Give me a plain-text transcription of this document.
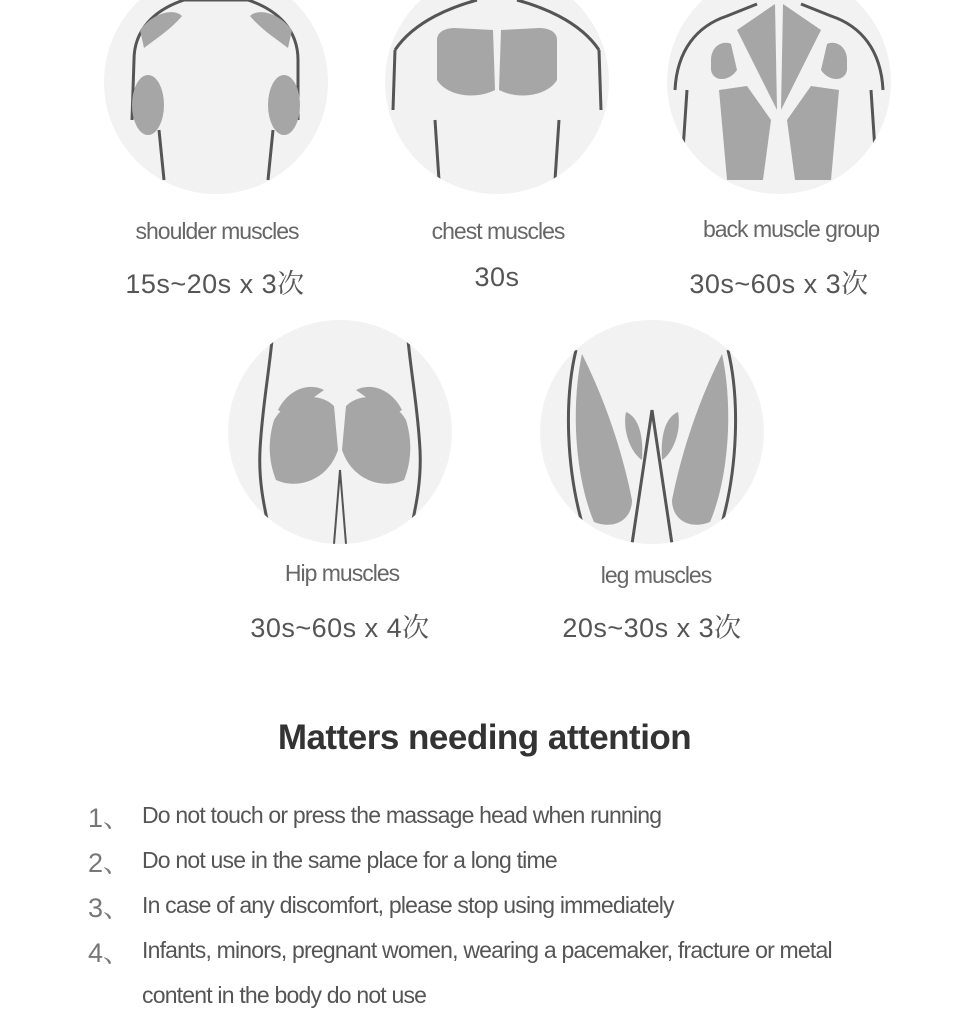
shoulder muscles
15s~20s x 3次
chest muscles
30s
back muscle group
30s~60s x 3次
Hip muscles
30s~60s x 4次
leg muscles
20s~30s x 3次
Matters needing attention
1、 Do not touch or press the massage head when running
2、 Do not use in the same place for a long time
3、 In case of any discomfort, please stop using immediately
4、 Infants, minors, pregnant women, wearing a pacemaker, fracture or metal
content in the body do not use
